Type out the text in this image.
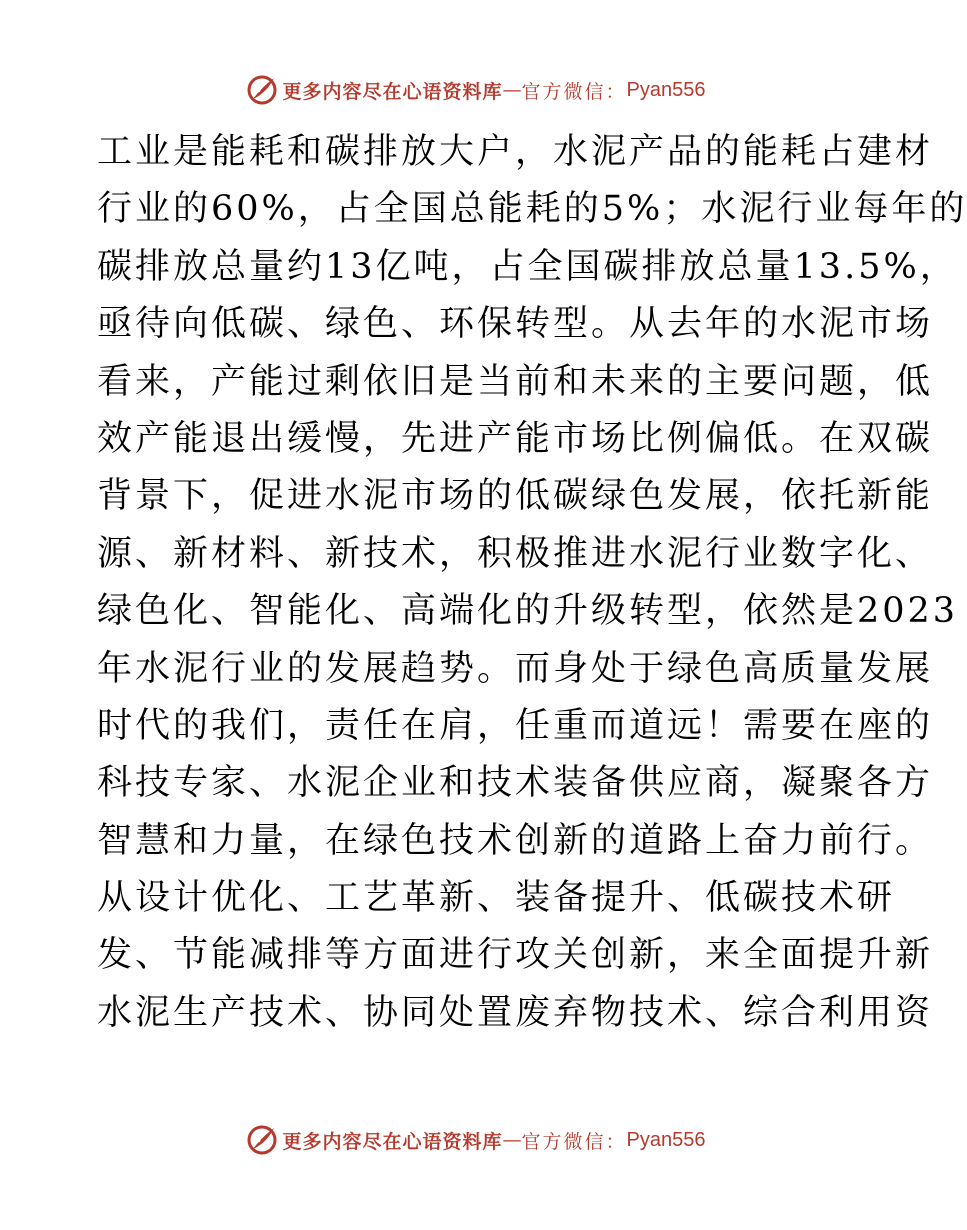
更多内容尽在心语资料库 — 官方微信： Pyan556
工业是能耗和碳排放大户，水泥产品的能耗占建材
行业的60%，占全国总能耗的5%；水泥行业每年的
碳排放总量约13亿吨，占全国碳排放总量13.5%，
亟待向低碳、绿色、环保转型。从去年的水泥市场
看来，产能过剩依旧是当前和未来的主要问题，低
效产能退出缓慢，先进产能市场比例偏低。在双碳
背景下，促进水泥市场的低碳绿色发展，依托新能
源、新材料、新技术，积极推进水泥行业数字化、
绿色化、智能化、高端化的升级转型，依然是2023
年水泥行业的发展趋势。而身处于绿色高质量发展
时代的我们，责任在肩，任重而道远！需要在座的
科技专家、水泥企业和技术装备供应商，凝聚各方
智慧和力量，在绿色技术创新的道路上奋力前行。
从设计优化、工艺革新、装备提升、低碳技术研
发、节能减排等方面进行攻关创新，来全面提升新
水泥生产技术、协同处置废弃物技术、综合利用资
更多内容尽在心语资料库 — 官方微信： Pyan556
